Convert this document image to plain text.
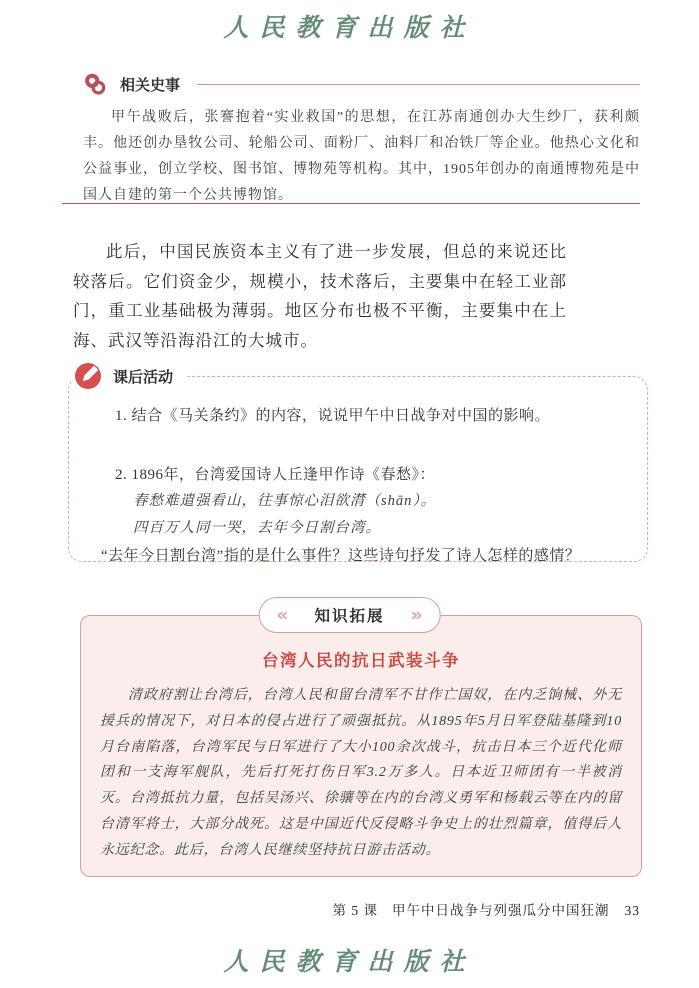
人民教育出版社
相关史事
甲午战败后，张謇抱着“实业救国”的思想，在江苏南通创办大生纱厂，获利颇丰。他还创办垦牧公司、轮船公司、面粉厂、油料厂和冶铁厂等企业。他热心文化和公益事业，创立学校、图书馆、博物苑等机构。其中，1905年创办的南通博物苑是中国人自建的第一个公共博物馆。
此后，中国民族资本主义有了进一步发展，但总的来说还比较落后。它们资金少，规模小，技术落后，主要集中在轻工业部门，重工业基础极为薄弱。地区分布也极不平衡，主要集中在上海、武汉等沿海沿江的大城市。
课后活动
1. 结合《马关条约》的内容，说说甲午中日战争对中国的影响。
2. 1896年，台湾爱国诗人丘逢甲作诗《春愁》：
春愁难遣强看山，往事惊心泪欲潸（shān）。
四百万人同一哭，去年今日割台湾。
“去年今日割台湾”指的是什么事件？这些诗句抒发了诗人怎样的感情？
« 知识拓展 »
台湾人民的抗日武装斗争
清政府割让台湾后，台湾人民和留台清军不甘作亡国奴，在内乏饷械、外无援兵的情况下，对日本的侵占进行了顽强抵抗。从1895年5月日军登陆基隆到10月台南陷落，台湾军民与日军进行了大小100余次战斗，抗击日本三个近代化师团和一支海军舰队，先后打死打伤日军3.2万多人。日本近卫师团有一半被消灭。台湾抵抗力量，包括吴汤兴、徐骧等在内的台湾义勇军和杨载云等在内的留台清军将士，大部分战死。这是中国近代反侵略斗争史上的壮烈篇章，值得后人永远纪念。此后，台湾人民继续坚持抗日游击活动。
第 5 课 甲午中日战争与列强瓜分中国狂潮 33
人民教育出版社
